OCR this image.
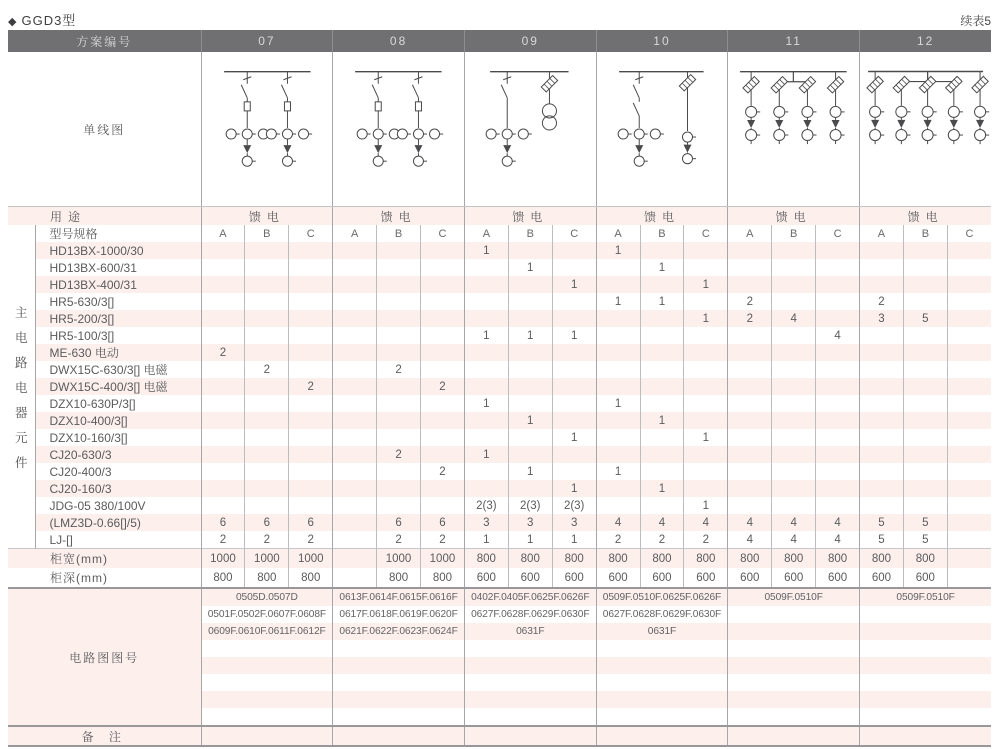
◆ GGD3型	续表5
方案编号		07			08			09			10			11			12		
单线图	

用途		馈电			馈电			馈电			馈电			馈电			馈电		

主
电
路
电
器
元
件
	型号规格	A	B	C	A	B	C	A	B	C	A	B	C	A	B	C	A	B	C
	HD13BX-1000/30							1			1								
	HD13BX-600/31								1			1							
	HD13BX-400/31									1			1						
	HR5-630/3[]										1	1		2			2		
	HR5-200/3[]												1	2	4		3	5	
	HR5-100/3[]							1	1	1						4			
	ME-630 电动	2																	
	DWX15C-630/3[] 电磁		2			2													
	DWX15C-400/3[] 电磁			2			2												
	DZX10-630P/3[]							1			1								
	DZX10-400/3[]								1			1							
	DZX10-160/3[]									1			1						
	CJ20-630/3					2		1											
	CJ20-400/3						2		1		1								
	CJ20-160/3									1		1							
	JDG-05 380/100V							2(3)	2(3)	2(3)			1						
	(LMZ3D-0.66[]/5)	6	6	6		6	6	3	3	3	4	4	4	4	4	4	5	5	
	LJ-[]	2	2	2		2	2	1	1	1	2	2	2	4	4	4	5	5	
柜宽(mm)		1000	1000	1000		1000	1000	800	800	800	800	800	800	800	800	800	800	800	
柜深(mm)		800	800	800		800	800	600	600	600	600	600	600	600	600	600	600	600	
电路图图号		0505D.0507D			0613F.0614F.0615F.0616F			0402F.0405F.0625F.0626F			0509F.0510F.0625F.0626F			0509F.0510F			0509F.0510F		
		0501F.0502F.0607F.0608F			0617F.0618F.0619F.0620F			0627F.0628F.0629F.0630F			0627F.0628F.0629F.0630F								
		0609F.0610F.0611F.0612F			0621F.0622F.0623F.0624F			0631F			0631F								

备 注																			
